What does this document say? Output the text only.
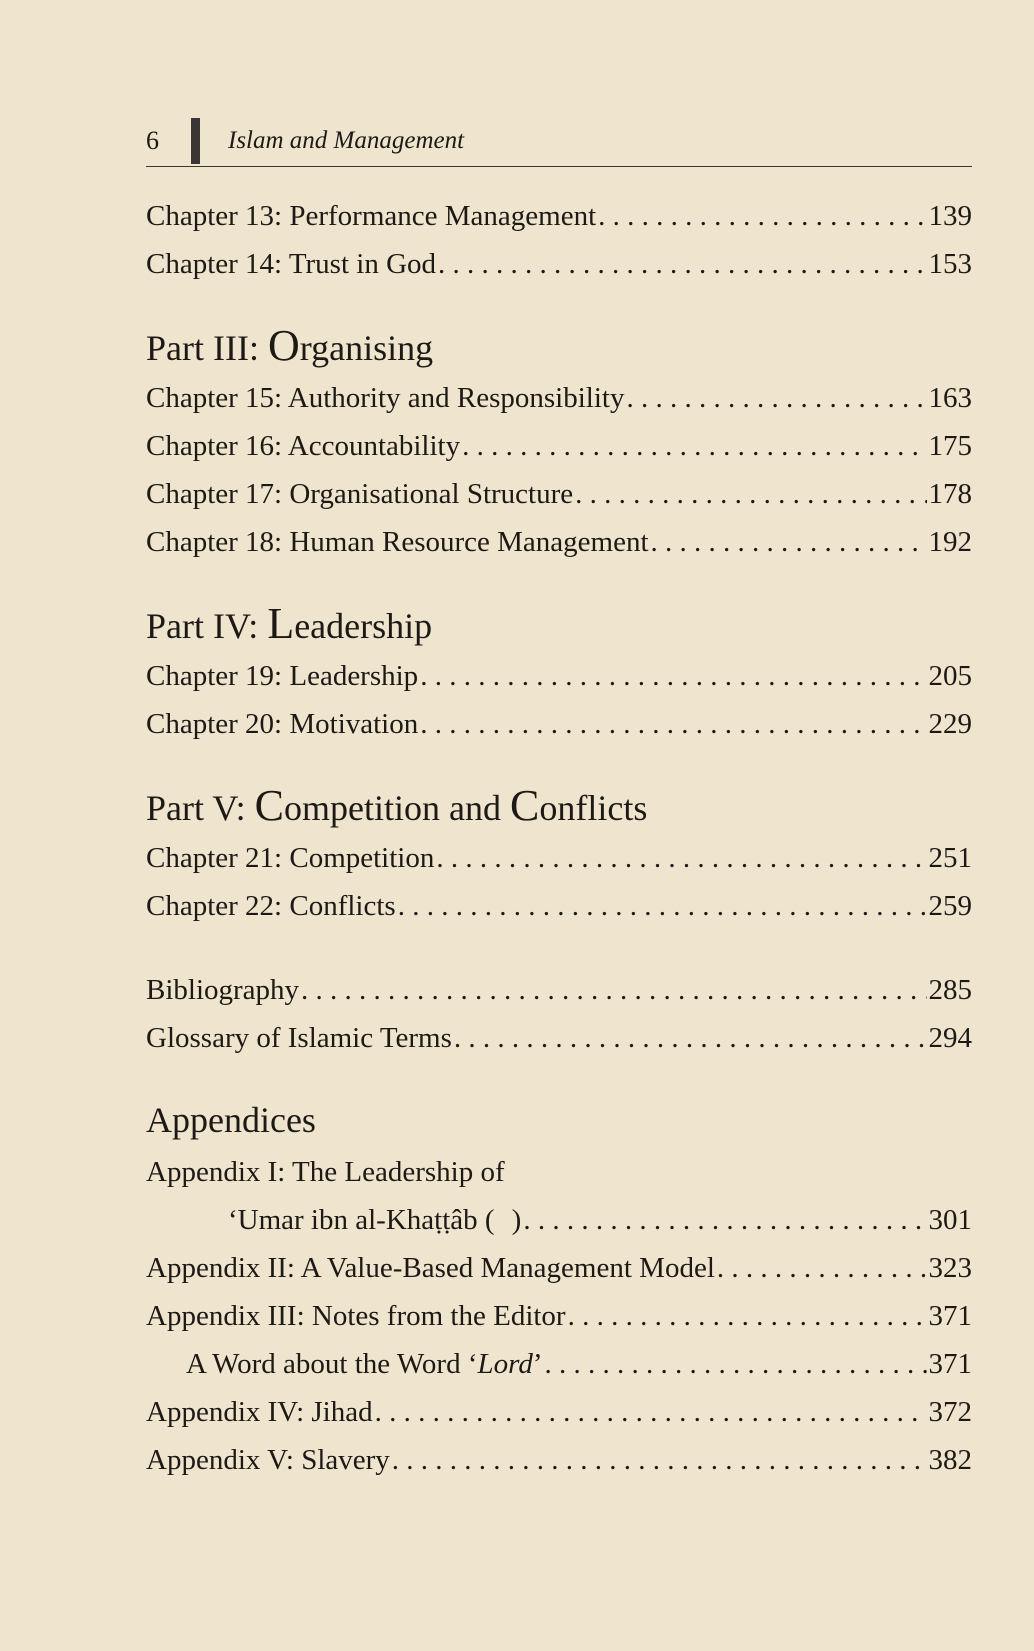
6	Islam and Management
Chapter 13: Performance Management . . .	139
Chapter 14: Trust in God . . .	153
Part III: Organising
Chapter 15: Authority and Responsibility . . .	163
Chapter 16: Accountability . . .	175
Chapter 17: Organisational Structure . . .	178
Chapter 18: Human Resource Management . . .	192
Part IV: Leadership
Chapter 19: Leadership . . .	205
Chapter 20: Motivation . . .	229
Part V: Competition and Conflicts
Chapter 21: Competition . . .	251
Chapter 22: Conflicts . . .	259
Bibliography . . .	285
Glossary of Islamic Terms . . .	294
Appendices
Appendix I: The Leadership of
‘Umar ibn al-Khaṭṭâb (﷜) . . .	301
Appendix II: A Value-Based Management Model . . .	323
Appendix III: Notes from the Editor . . .	371
A Word about the Word ‘Lord’ . . .	371
Appendix IV: Jihad . . .	372
Appendix V: Slavery . . .	382
